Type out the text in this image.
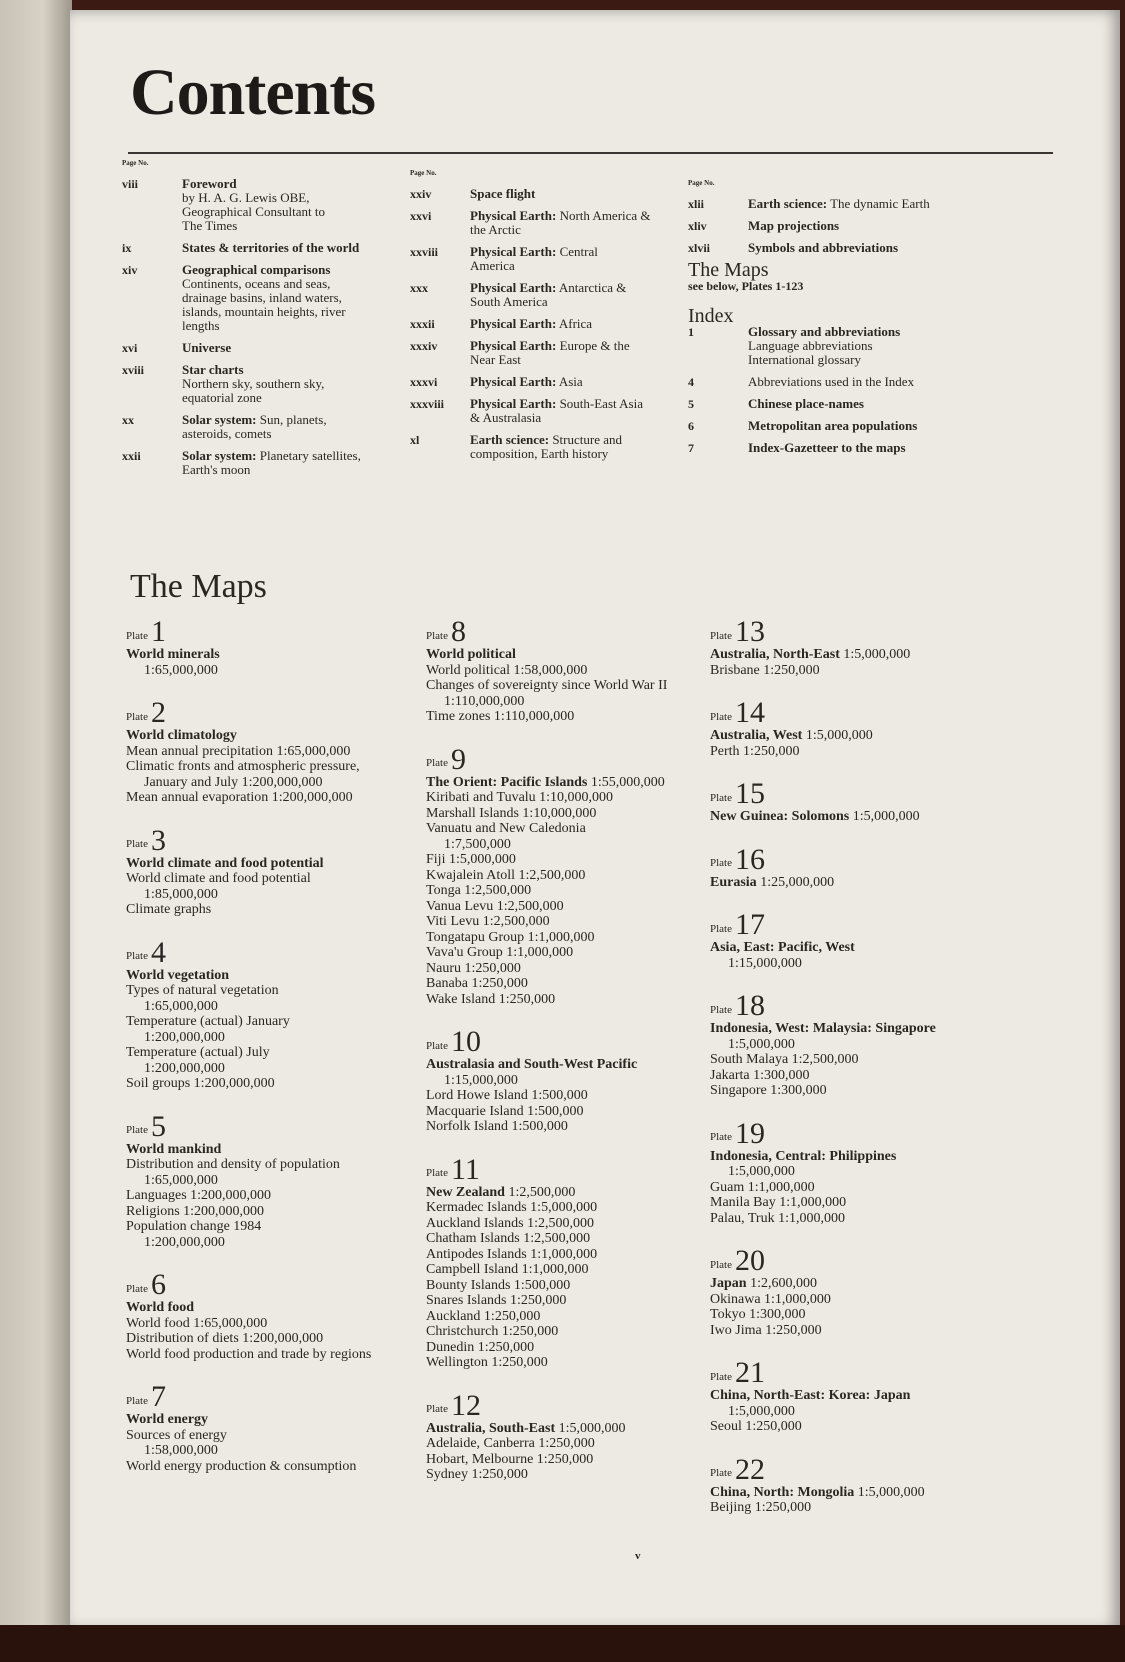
Contents
Page No.
viii	Foreword
by H. A. G. Lewis OBE,
Geographical Consultant to
The Times
ix	States & territories of the world
xiv	Geographical comparisons
Continents, oceans and seas,
drainage basins, inland waters,
islands, mountain heights, river
lengths
xvi	Universe
xviii	Star charts
Northern sky, southern sky,
equatorial zone
xx	Solar system: Sun, planets,
asteroids, comets
xxii	Solar system: Planetary satellites,
Earth's moon
Page No.
xxiv	Space flight
xxvi	Physical Earth: North America &
the Arctic
xxviii	Physical Earth: Central
America
xxx	Physical Earth: Antarctica &
South America
xxxii	Physical Earth: Africa
xxxiv	Physical Earth: Europe & the
Near East
xxxvi	Physical Earth: Asia
xxxviii	Physical Earth: South-East Asia
& Australasia
xl	Earth science: Structure and
composition, Earth history
Page No.
xlii	Earth science: The dynamic Earth
xliv	Map projections
xlvii	Symbols and abbreviations
The Maps
see below, Plates 1-123
Index
1	Glossary and abbreviations
Language abbreviations
International glossary
4	Abbreviations used in the Index
5	Chinese place-names
6	Metropolitan area populations
7	Index-Gazetteer to the maps
The Maps
Plate 1
World minerals
1:65,000,000
Plate 2
World climatology
Mean annual precipitation 1:65,000,000
Climatic fronts and atmospheric pressure,
January and July 1:200,000,000
Mean annual evaporation 1:200,000,000
Plate 3
World climate and food potential
World climate and food potential
1:85,000,000
Climate graphs
Plate 4
World vegetation
Types of natural vegetation
1:65,000,000
Temperature (actual) January
1:200,000,000
Temperature (actual) July
1:200,000,000
Soil groups 1:200,000,000
Plate 5
World mankind
Distribution and density of population
1:65,000,000
Languages 1:200,000,000
Religions 1:200,000,000
Population change 1984
1:200,000,000
Plate 6
World food
World food 1:65,000,000
Distribution of diets 1:200,000,000
World food production and trade by regions
Plate 7
World energy
Sources of energy
1:58,000,000
World energy production & consumption
Plate 8
World political
World political 1:58,000,000
Changes of sovereignty since World War II
1:110,000,000
Time zones 1:110,000,000
Plate 9
The Orient: Pacific Islands 1:55,000,000
Kiribati and Tuvalu 1:10,000,000
Marshall Islands 1:10,000,000
Vanuatu and New Caledonia
1:7,500,000
Fiji 1:5,000,000
Kwajalein Atoll 1:2,500,000
Tonga 1:2,500,000
Vanua Levu 1:2,500,000
Viti Levu 1:2,500,000
Tongatapu Group 1:1,000,000
Vava'u Group 1:1,000,000
Nauru 1:250,000
Banaba 1:250,000
Wake Island 1:250,000
Plate 10
Australasia and South-West Pacific
1:15,000,000
Lord Howe Island 1:500,000
Macquarie Island 1:500,000
Norfolk Island 1:500,000
Plate 11
New Zealand 1:2,500,000
Kermadec Islands 1:5,000,000
Auckland Islands 1:2,500,000
Chatham Islands 1:2,500,000
Antipodes Islands 1:1,000,000
Campbell Island 1:1,000,000
Bounty Islands 1:500,000
Snares Islands 1:250,000
Auckland 1:250,000
Christchurch 1:250,000
Dunedin 1:250,000
Wellington 1:250,000
Plate 12
Australia, South-East 1:5,000,000
Adelaide, Canberra 1:250,000
Hobart, Melbourne 1:250,000
Sydney 1:250,000
Plate 13
Australia, North-East 1:5,000,000
Brisbane 1:250,000
Plate 14
Australia, West 1:5,000,000
Perth 1:250,000
Plate 15
New Guinea: Solomons 1:5,000,000
Plate 16
Eurasia 1:25,000,000
Plate 17
Asia, East: Pacific, West
1:15,000,000
Plate 18
Indonesia, West: Malaysia: Singapore
1:5,000,000
South Malaya 1:2,500,000
Jakarta 1:300,000
Singapore 1:300,000
Plate 19
Indonesia, Central: Philippines
1:5,000,000
Guam 1:1,000,000
Manila Bay 1:1,000,000
Palau, Truk 1:1,000,000
Plate 20
Japan 1:2,600,000
Okinawa 1:1,000,000
Tokyo 1:300,000
Iwo Jima 1:250,000
Plate 21
China, North-East: Korea: Japan
1:5,000,000
Seoul 1:250,000
Plate 22
China, North: Mongolia 1:5,000,000
Beijing 1:250,000
v
